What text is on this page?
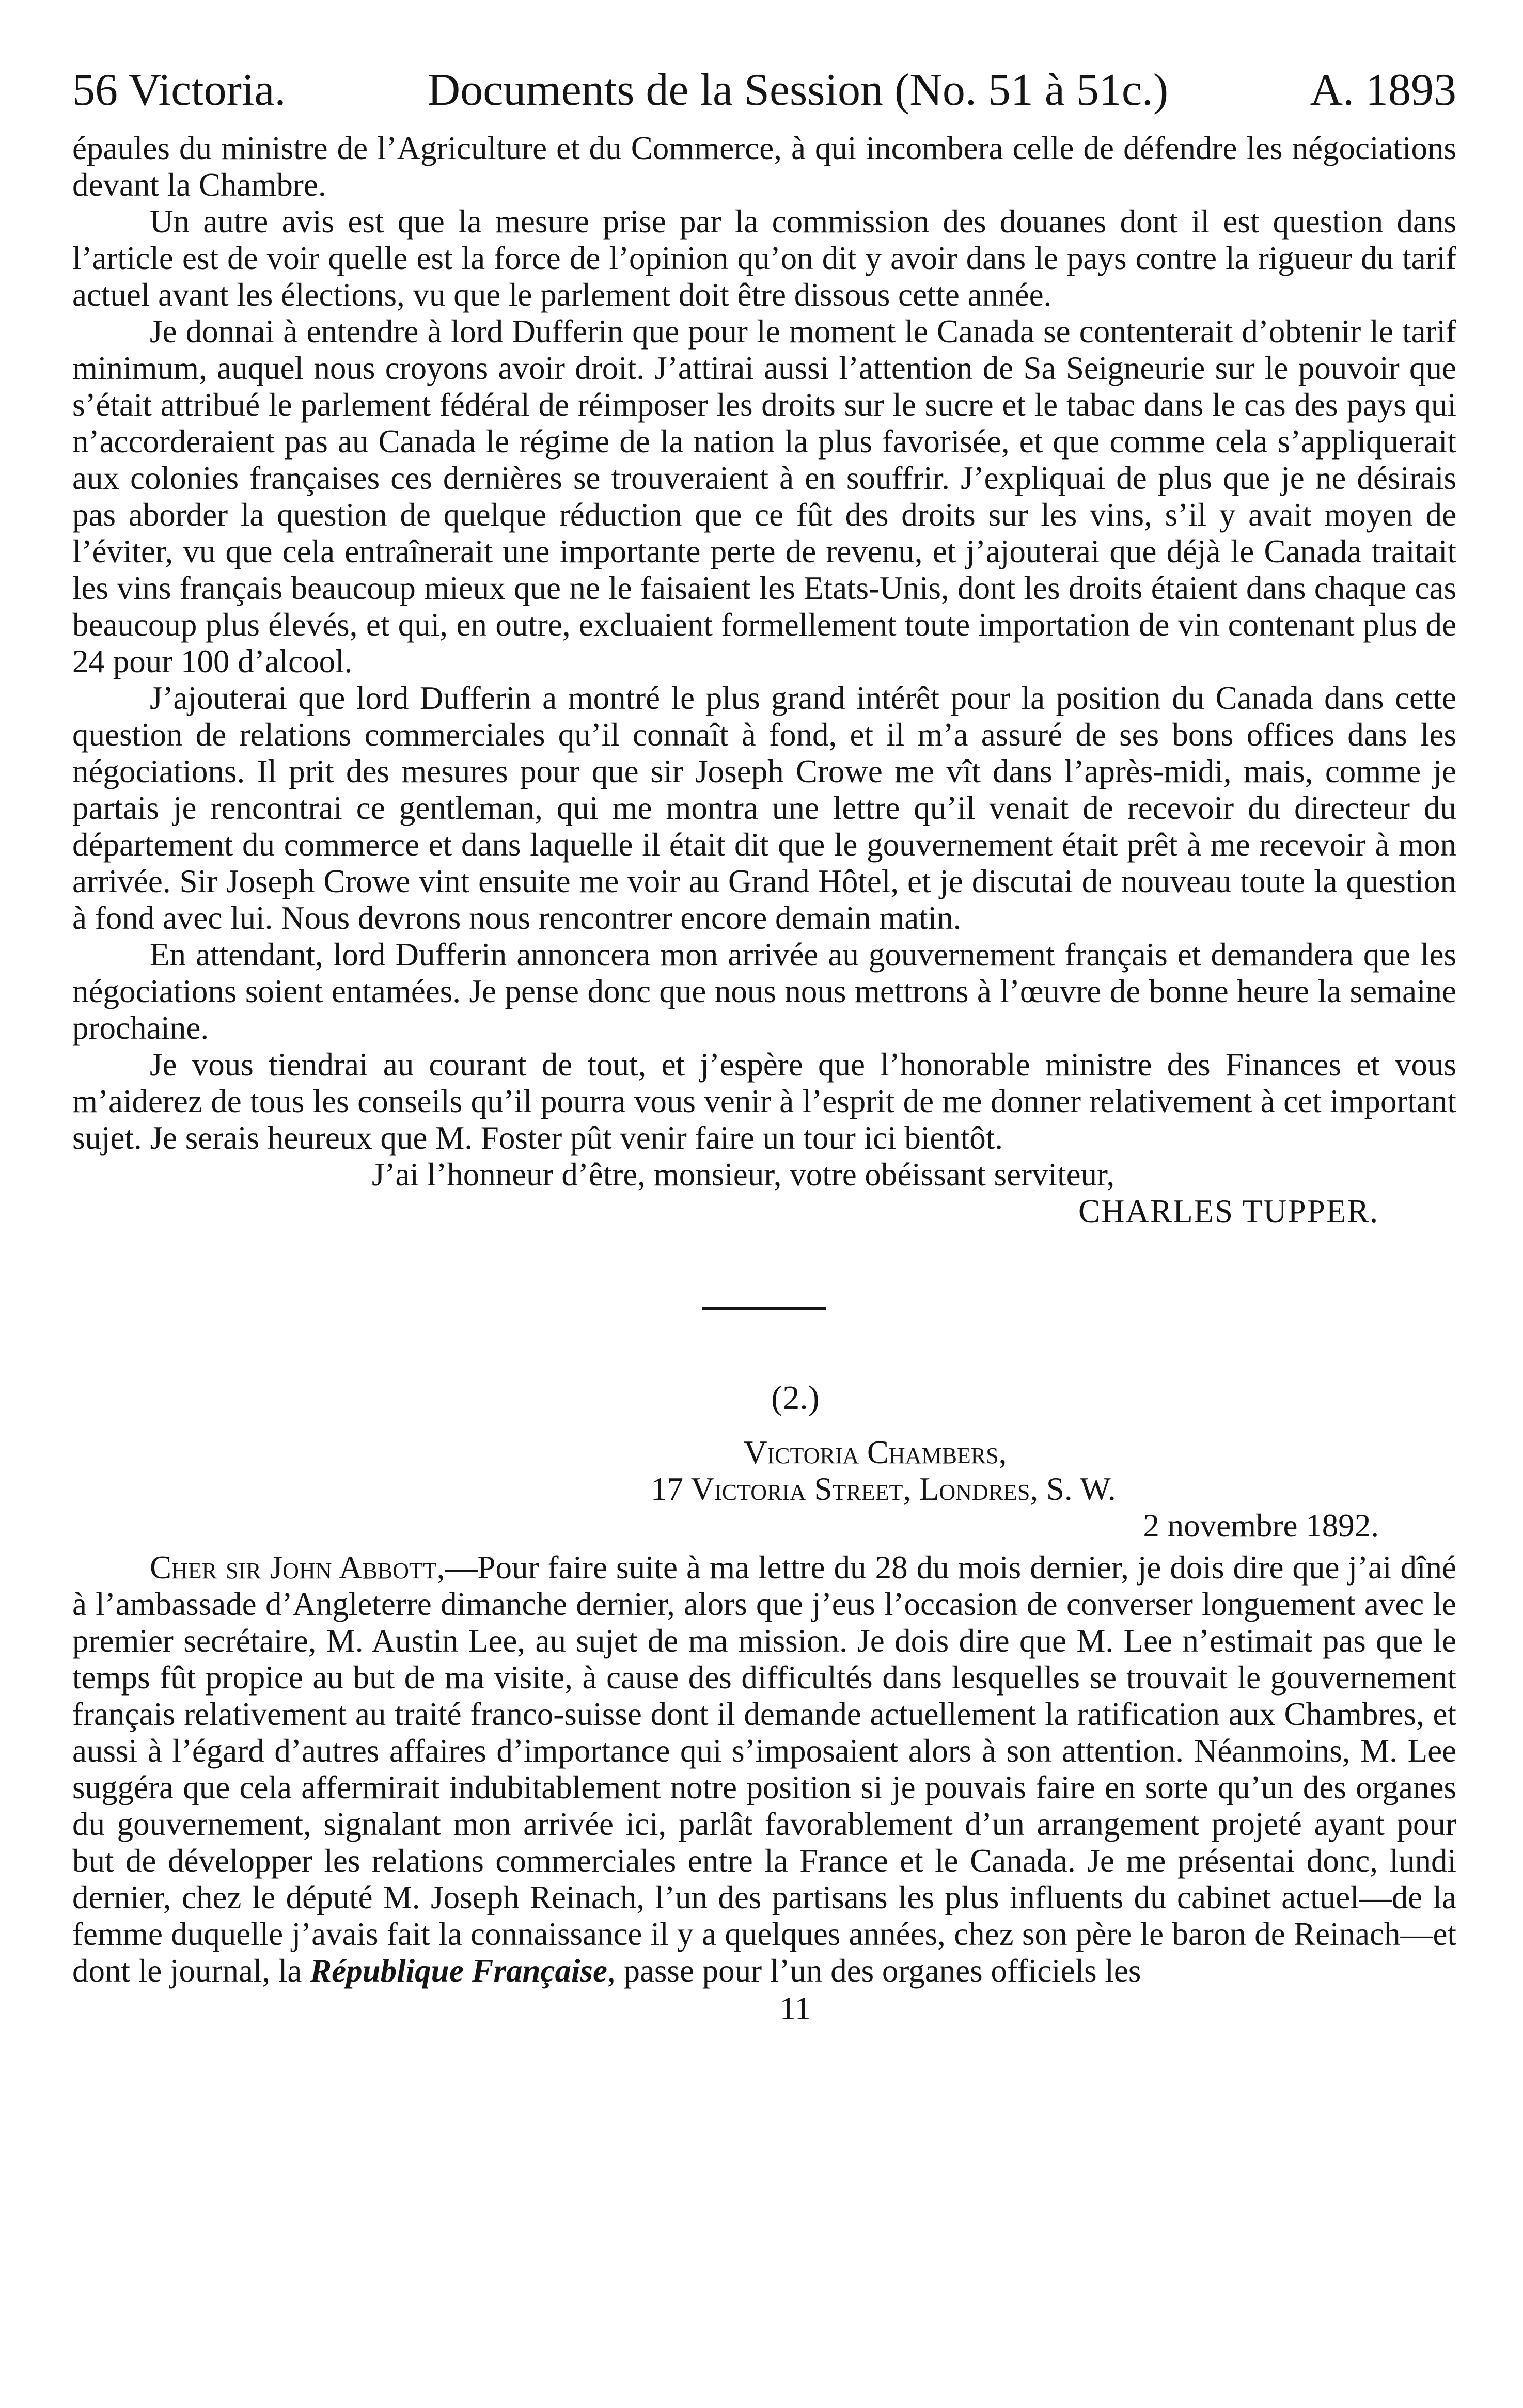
56 Victoria.	Documents de la Session (No. 51 à 51c.)	A. 1893

épaules du ministre de l’Agriculture et du Commerce, à qui incombera celle de défendre les négociations devant la Chambre.

Un autre avis est que la mesure prise par la commission des douanes dont il est question dans l’article est de voir quelle est la force de l’opinion qu’on dit y avoir dans le pays contre la rigueur du tarif actuel avant les élections, vu que le parlement doit être dissous cette année.

Je donnai à entendre à lord Dufferin que pour le moment le Canada se contenterait d’obtenir le tarif minimum, auquel nous croyons avoir droit. J’attirai aussi l’attention de Sa Seigneurie sur le pouvoir que s’était attribué le parlement fédéral de réimposer les droits sur le sucre et le tabac dans le cas des pays qui n’accorderaient pas au Canada le régime de la nation la plus favorisée, et que comme cela s’appliquerait aux colonies françaises ces dernières se trouveraient à en souffrir. J’expliquai de plus que je ne désirais pas aborder la question de quelque réduction que ce fût des droits sur les vins, s’il y avait moyen de l’éviter, vu que cela entraînerait une importante perte de revenu, et j’ajouterai que déjà le Canada traitait les vins français beaucoup mieux que ne le faisaient les Etats-Unis, dont les droits étaient dans chaque cas beaucoup plus élevés, et qui, en outre, excluaient formellement toute importation de vin contenant plus de 24 pour 100 d’alcool.

J’ajouterai que lord Dufferin a montré le plus grand intérêt pour la position du Canada dans cette question de relations commerciales qu’il connaît à fond, et il m’a assuré de ses bons offices dans les négociations. Il prit des mesures pour que sir Joseph Crowe me vît dans l’après-midi, mais, comme je partais je rencontrai ce gentleman, qui me montra une lettre qu’il venait de recevoir du directeur du département du commerce et dans laquelle il était dit que le gouvernement était prêt à me recevoir à mon arrivée. Sir Joseph Crowe vint ensuite me voir au Grand Hôtel, et je discutai de nouveau toute la question à fond avec lui. Nous devrons nous rencontrer encore demain matin.

En attendant, lord Dufferin annoncera mon arrivée au gouvernement français et demandera que les négociations soient entamées. Je pense donc que nous nous mettrons à l’œuvre de bonne heure la semaine prochaine.

Je vous tiendrai au courant de tout, et j’espère que l’honorable ministre des Finances et vous m’aiderez de tous les conseils qu’il pourra vous venir à l’esprit de me donner relativement à cet important sujet. Je serais heureux que M. Foster pût venir faire un tour ici bientôt.

J’ai l’honneur d’être, monsieur, votre obéissant serviteur,

CHARLES TUPPER.

(2.)

Victoria Chambers,

17 Victoria Street, Londres, S. W.

2 novembre 1892.

Cher sir John Abbott,—Pour faire suite à ma lettre du 28 du mois dernier, je dois dire que j’ai dîné à l’ambassade d’Angleterre dimanche dernier, alors que j’eus l’occasion de converser longuement avec le premier secrétaire, M. Austin Lee, au sujet de ma mission. Je dois dire que M. Lee n’estimait pas que le temps fût propice au but de ma visite, à cause des difficultés dans lesquelles se trouvait le gouvernement français relativement au traité franco-suisse dont il demande actuellement la ratification aux Chambres, et aussi à l’égard d’autres affaires d’importance qui s’imposaient alors à son attention. Néanmoins, M. Lee suggéra que cela affermirait indubitablement notre position si je pouvais faire en sorte qu’un des organes du gouvernement, signalant mon arrivée ici, parlât favorablement d’un arrangement projeté ayant pour but de développer les relations commerciales entre la France et le Canada. Je me présentai donc, lundi dernier, chez le député M. Joseph Reinach, l’un des partisans les plus influents du cabinet actuel—de la femme duquelle j’avais fait la connaissance il y a quelques années, chez son père le baron de Reinach—et dont le journal, la République Française, passe pour l’un des organes officiels les

11
